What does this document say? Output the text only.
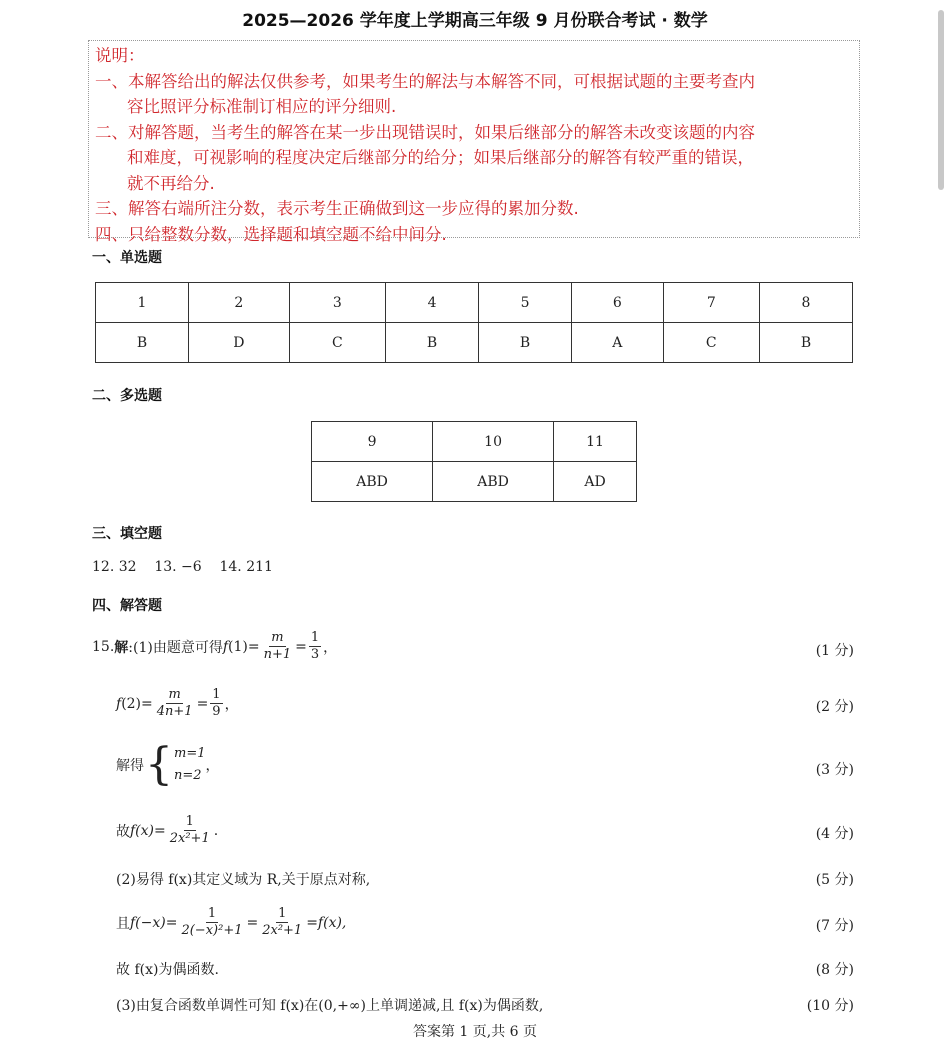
2025—2026 学年度上学期高三年级 9 月份联合考试 · 数学
说明：
一、本解答给出的解法仅供参考，如果考生的解法与本解答不同，可根据试题的主要考查内
容比照评分标准制订相应的评分细则.
二、对解答题，当考生的解答在某一步出现错误时，如果后继部分的解答未改变该题的内容
和难度，可视影响的程度决定后继部分的给分；如果后继部分的解答有较严重的错误，
就不再给分.
三、解答右端所注分数，表示考生正确做到这一步应得的累加分数.
四、只给整数分数，选择题和填空题不给中间分.
一、单选题
1	2	3	4	5	6	7	8
B	D	C	B	B	A	C	B
二、多选题
9	10	11
ABD	ABD	AD
三、填空题
12. 32    13. −6    14. 211
四、解答题
15. 解 :(1)由题意可得 f $(1)= \frac{m}{n+1} = \frac{1}{3}$ ，	(1 分)
f $(2)= \frac{m}{4n+1} = \frac{1}{9}$ ，	(2 分)
解得 { m=1
n=2
，	(3 分)
故 $f(x)= \frac{1}{\text{2x²+1}}$ .	(4 分)
(2)易得 f(x)其定义域为 R,关于原点对称,	(5 分)
且 $f(-x)= \frac{1}{\text{2(−x)²+1}} = \frac{1}{\text{2x²+1}} =f(x)$,	(7 分)
故 f(x)为偶函数.	(8 分)
(3)由复合函数单调性可知 f(x)在(0,+∞)上单调递减,且 f(x)为偶函数,	(10 分)
答案第 1 页,共 6 页
